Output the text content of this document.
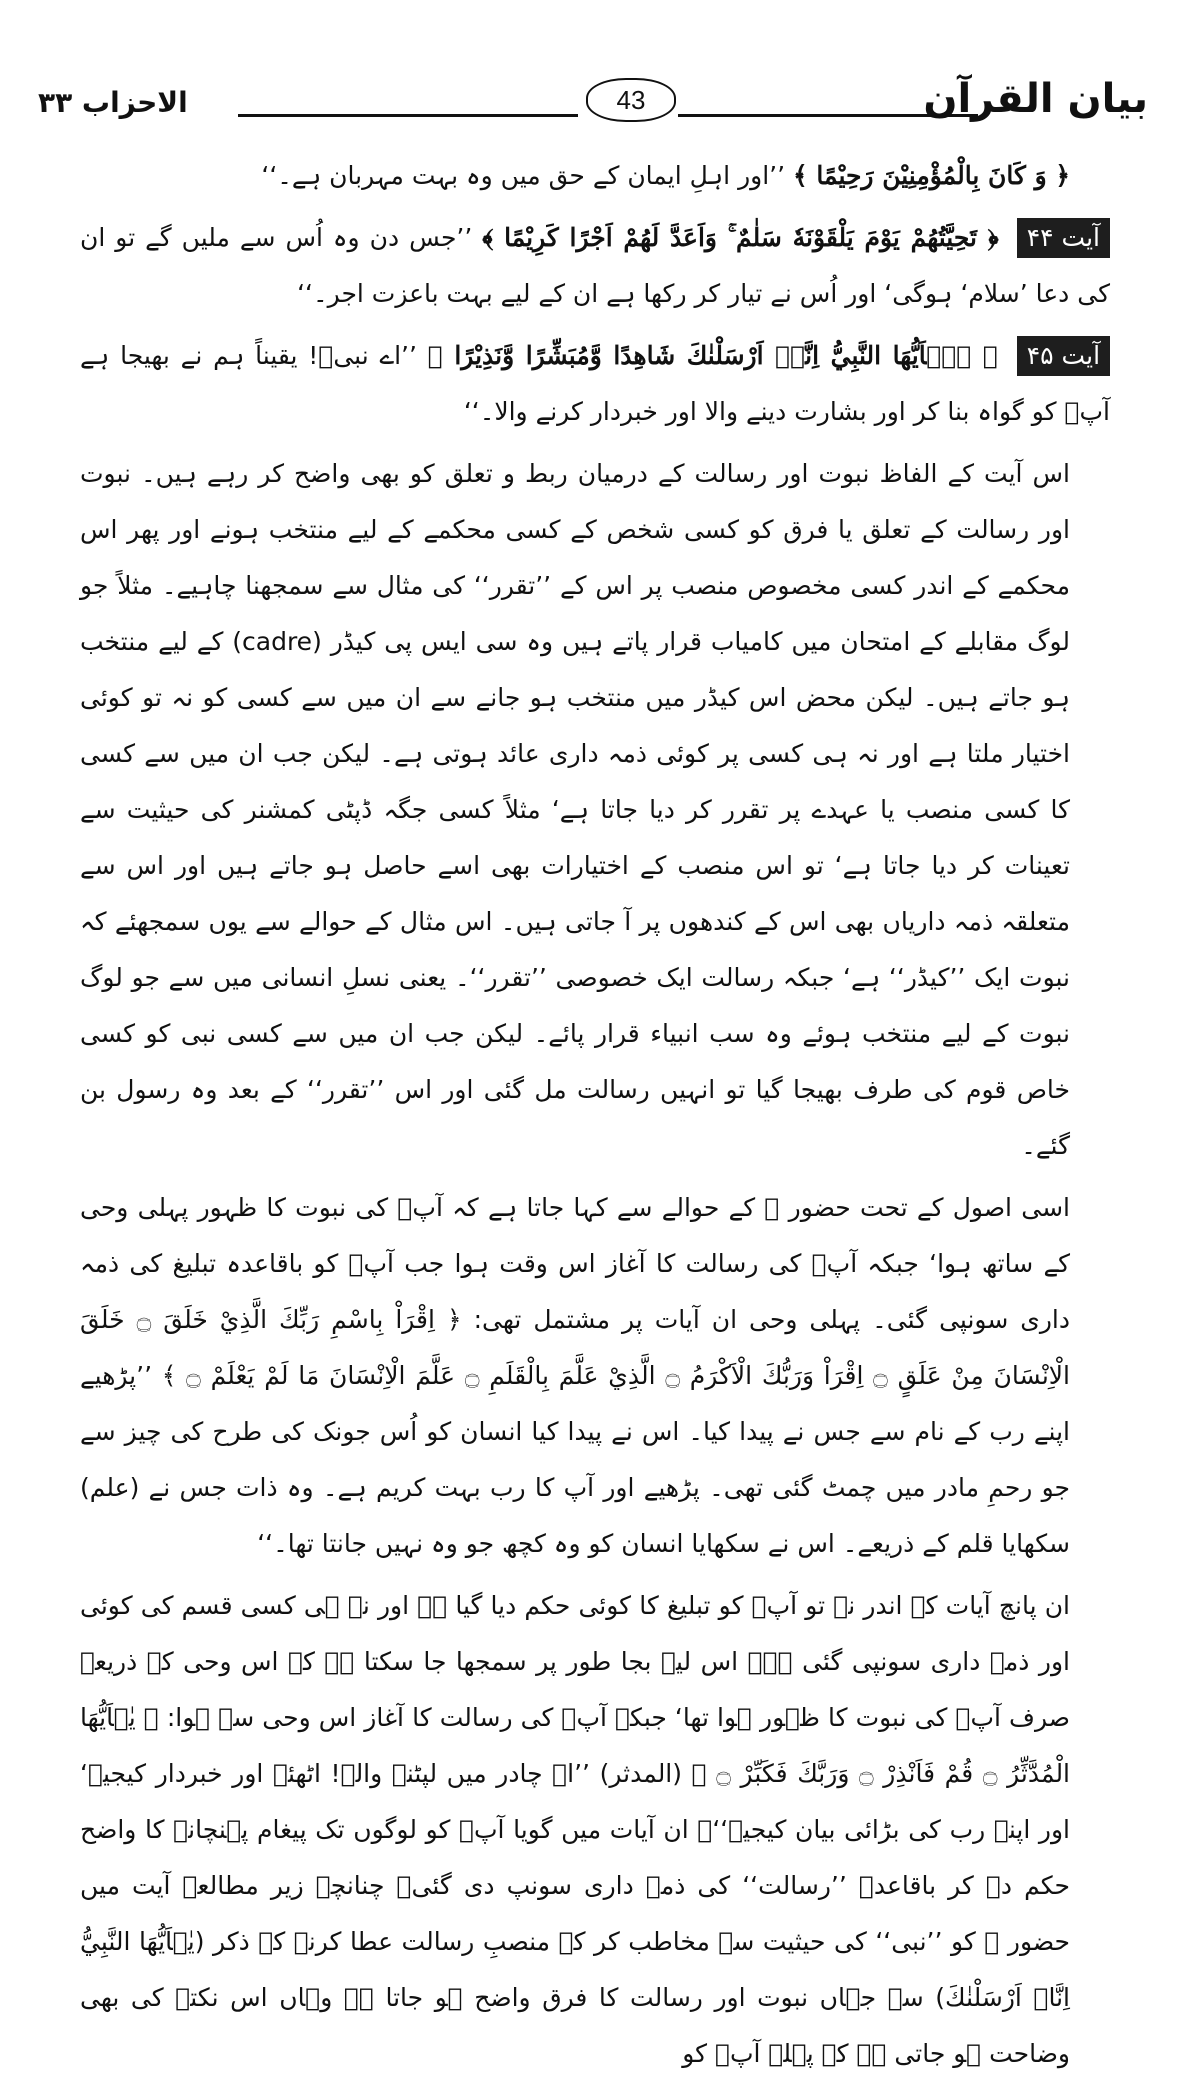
بیان القرآن
43
الاحزاب ۳۳

﴿ وَ كَانَ بِالْمُؤْمِنِيْنَ رَحِيْمًا ﴾ ’’اور اہلِ ایمان کے حق میں وہ بہت مہربان ہے۔‘‘

آیت ۴۴ ﴿ تَحِيَّتُهُمْ يَوْمَ يَلْقَوْنَهٗ سَلٰمٌ ۚ وَاَعَدَّ لَهُمْ اَجْرًا كَرِيْمًا ﴾ ’’جس دن وہ اُس سے ملیں گے تو ان کی دعا ’سلام‘ ہوگی‘ اور اُس نے تیار کر رکھا ہے ان کے لیے بہت باعزت اجر۔‘‘

آیت ۴۵ ﴿ يٰۤاَيُّهَا النَّبِيُّ اِنَّاۤ اَرْسَلْنٰكَ شَاهِدًا وَّمُبَشِّرًا وَّنَذِيْرًا ﴾ ’’اے نبیؐ! یقیناً ہم نے بھیجا ہے آپؐ کو گواہ بنا کر اور بشارت دینے والا اور خبردار کرنے والا۔‘‘

اس آیت کے الفاظ نبوت اور رسالت کے درمیان ربط و تعلق کو بھی واضح کر رہے ہیں۔ نبوت اور رسالت کے تعلق یا فرق کو کسی شخص کے کسی محکمے کے لیے منتخب ہونے اور پھر اس محکمے کے اندر کسی مخصوص منصب پر اس کے ’’تقرر‘‘ کی مثال سے سمجھنا چاہیے۔ مثلاً جو لوگ مقابلے کے امتحان میں کامیاب قرار پاتے ہیں وہ سی ایس پی کیڈر (cadre) کے لیے منتخب ہو جاتے ہیں۔ لیکن محض اس کیڈر میں منتخب ہو جانے سے ان میں سے کسی کو نہ تو کوئی اختیار ملتا ہے اور نہ ہی کسی پر کوئی ذمہ داری عائد ہوتی ہے۔ لیکن جب ان میں سے کسی کا کسی منصب یا عہدے پر تقرر کر دیا جاتا ہے‘ مثلاً کسی جگہ ڈپٹی کمشنر کی حیثیت سے تعینات کر دیا جاتا ہے‘ تو اس منصب کے اختیارات بھی اسے حاصل ہو جاتے ہیں اور اس سے متعلقہ ذمہ داریاں بھی اس کے کندھوں پر آ جاتی ہیں۔ اس مثال کے حوالے سے یوں سمجھئے کہ نبوت ایک ’’کیڈر‘‘ ہے‘ جبکہ رسالت ایک خصوصی ’’تقرر‘‘۔ یعنی نسلِ انسانی میں سے جو لوگ نبوت کے لیے منتخب ہوئے وہ سب انبیاء قرار پائے۔ لیکن جب ان میں سے کسی نبی کو کسی خاص قوم کی طرف بھیجا گیا تو انہیں رسالت مل گئی اور اس ’’تقرر‘‘ کے بعد وہ رسول بن گئے۔

اسی اصول کے تحت حضور ﷺ کے حوالے سے کہا جاتا ہے کہ آپؐ کی نبوت کا ظہور پہلی وحی کے ساتھ ہوا‘ جبکہ آپؐ کی رسالت کا آغاز اس وقت ہوا جب آپؐ کو باقاعدہ تبلیغ کی ذمہ داری سونپی گئی۔ پہلی وحی ان آیات پر مشتمل تھی: ﴿ اِقْرَاْ بِاسْمِ رَبِّكَ الَّذِيْ خَلَقَ ۝ خَلَقَ الْاِنْسَانَ مِنْ عَلَقٍ ۝ اِقْرَاْ وَرَبُّكَ الْاَكْرَمُ ۝ الَّذِيْ عَلَّمَ بِالْقَلَمِ ۝ عَلَّمَ الْاِنْسَانَ مَا لَمْ يَعْلَمْ ۝ ﴾ ’’پڑھیے اپنے رب کے نام سے جس نے پیدا کیا۔ اس نے پیدا کیا انسان کو اُس جونک کی طرح کی چیز سے جو رحمِ مادر میں چمٹ گئی تھی۔ پڑھیے اور آپ کا رب بہت کریم ہے۔ وہ ذات جس نے (علم) سکھایا قلم کے ذریعے۔ اس نے سکھایا انسان کو وہ کچھ جو وہ نہیں جانتا تھا۔‘‘

ان پانچ آیات کے اندر نہ تو آپؐ کو تبلیغ کا کوئی حکم دیا گیا ہے اور نہ ہی کسی قسم کی کوئی اور ذمہ داری سونپی گئی ہے۔ اس لیے بجا طور پر سمجھا جا سکتا ہے کہ اس وحی کے ذریعے صرف آپؐ کی نبوت کا ظہور ہوا تھا‘ جبکہ آپؐ کی رسالت کا آغاز اس وحی سے ہوا: ﴿ يٰۤاَيُّهَا الْمُدَّثِّرُ ۝ قُمْ فَاَنْذِرْ ۝ وَرَبَّكَ فَكَبِّرْ ۝ ﴾ (المدثر) ’’اے چادر میں لپٹنے والے! اٹھئے اور خبردار کیجیے‘ اور اپنے رب کی بڑائی بیان کیجیے‘‘۔ ان آیات میں گویا آپؐ کو لوگوں تک پیغام پہنچانے کا واضح حکم دے کر باقاعدہ ’’رسالت‘‘ کی ذمہ داری سونپ دی گئی۔ چنانچہ زیر مطالعہ آیت میں حضور ﷺ کو ’’نبی‘‘ کی حیثیت سے مخاطب کر کے منصبِ رسالت عطا کرنے کے ذکر (يٰۤاَيُّهَا النَّبِيُّ اِنَّاۤ اَرْسَلْنٰكَ) سے جہاں نبوت اور رسالت کا فرق واضح ہو جاتا ہے وہاں اس نکتے کی بھی وضاحت ہو جاتی ہے کہ پہلے آپؐ کو
